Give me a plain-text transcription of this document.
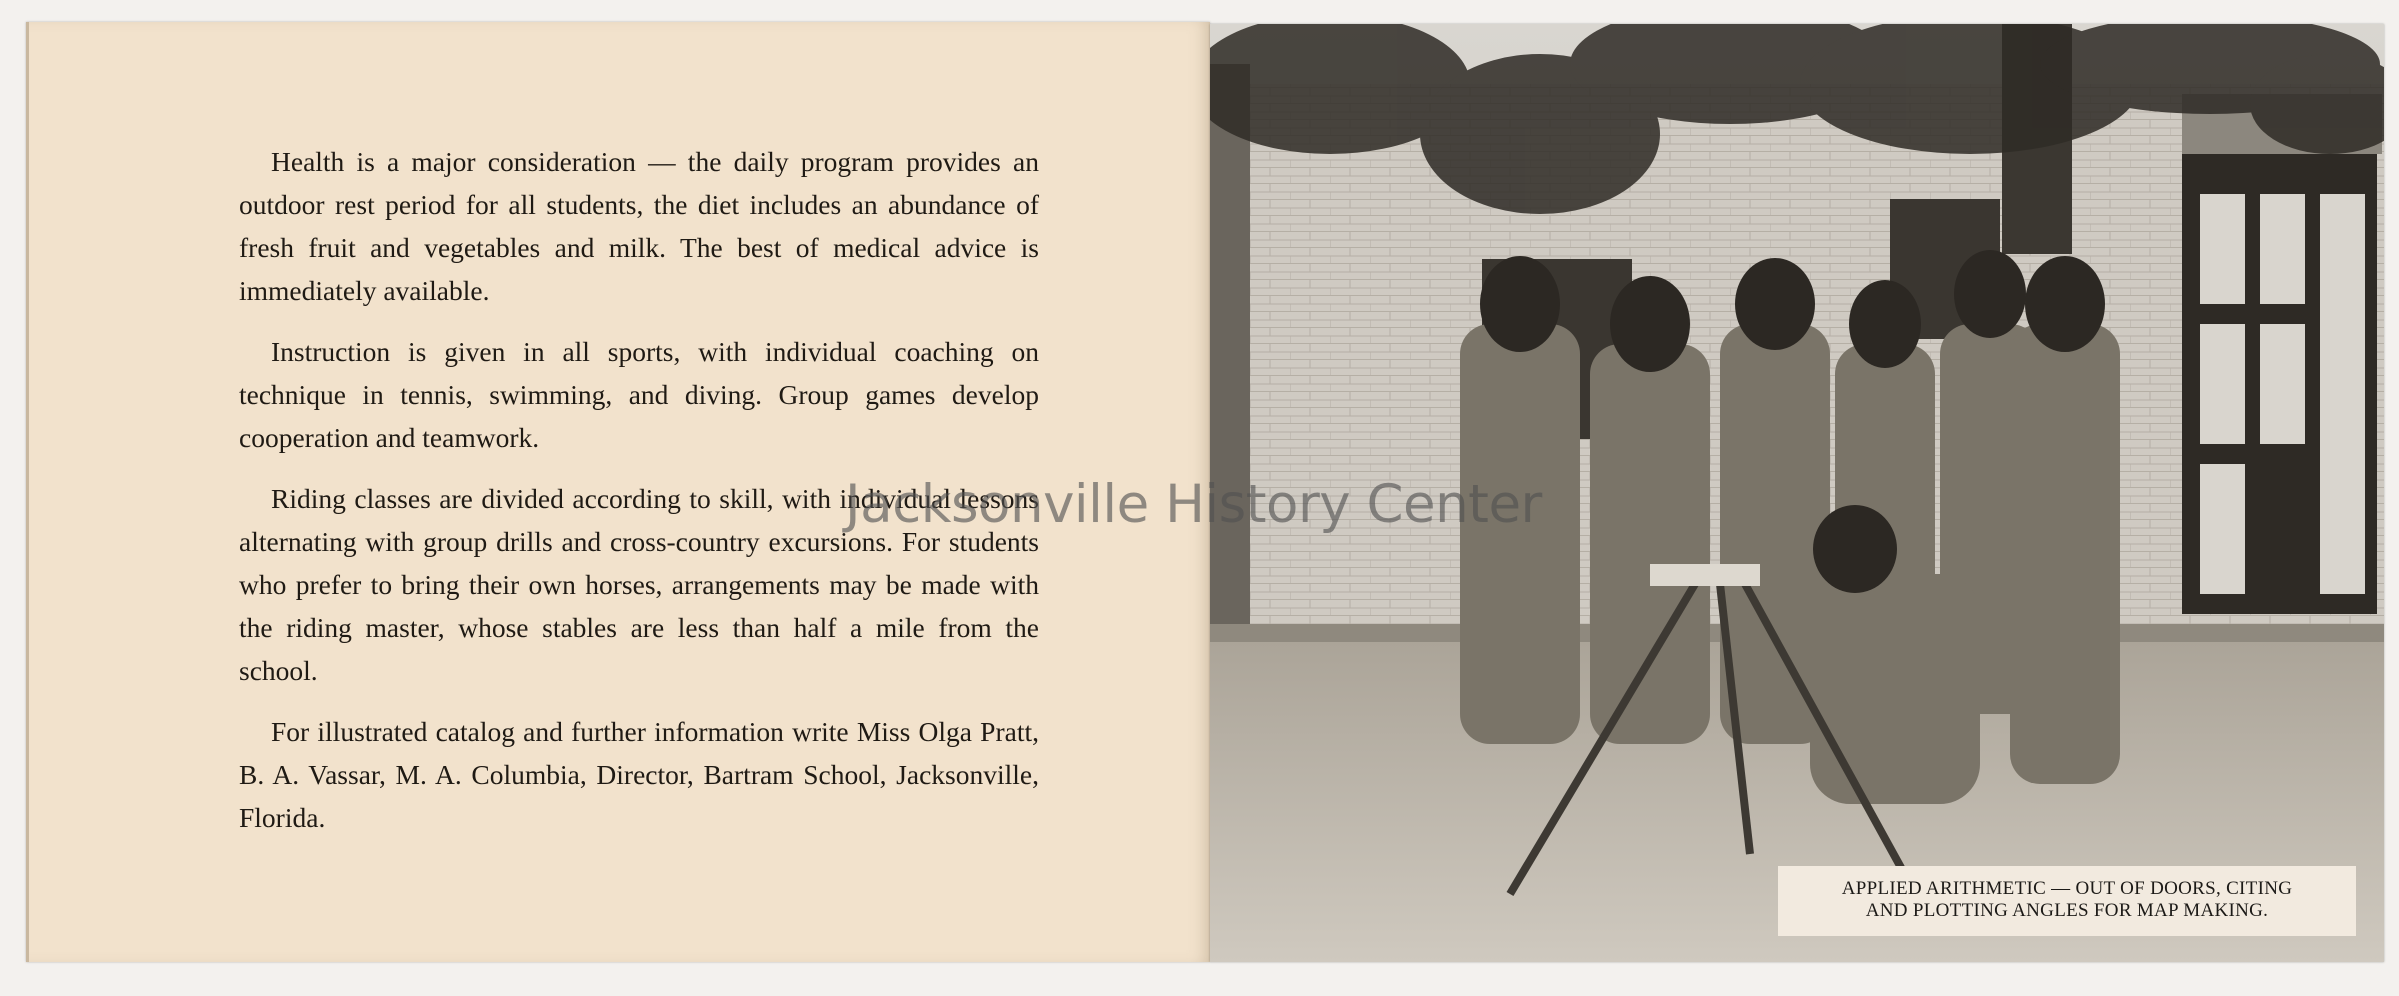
Health is a major consideration — the daily program provides an outdoor rest period for all students, the diet includes an abundance of fresh fruit and vegetables and milk. The best of medical advice is immediately available.

Instruction is given in all sports, with individual coaching on technique in tennis, swimming, and diving. Group games develop cooperation and teamwork.

Riding classes are divided according to skill, with individual lessons alternating with group drills and cross-country excursions. For students who prefer to bring their own horses, arrangements may be made with the riding master, whose stables are less than half a mile from the school.

For illustrated catalog and further information write Miss Olga Pratt, B. A. Vassar, M. A. Columbia, Director, Bartram School, Jacksonville, Florida.

APPLIED ARITHMETIC — OUT OF DOORS, CITING
AND PLOTTING ANGLES FOR MAP MAKING.
Jacksonville History Center
